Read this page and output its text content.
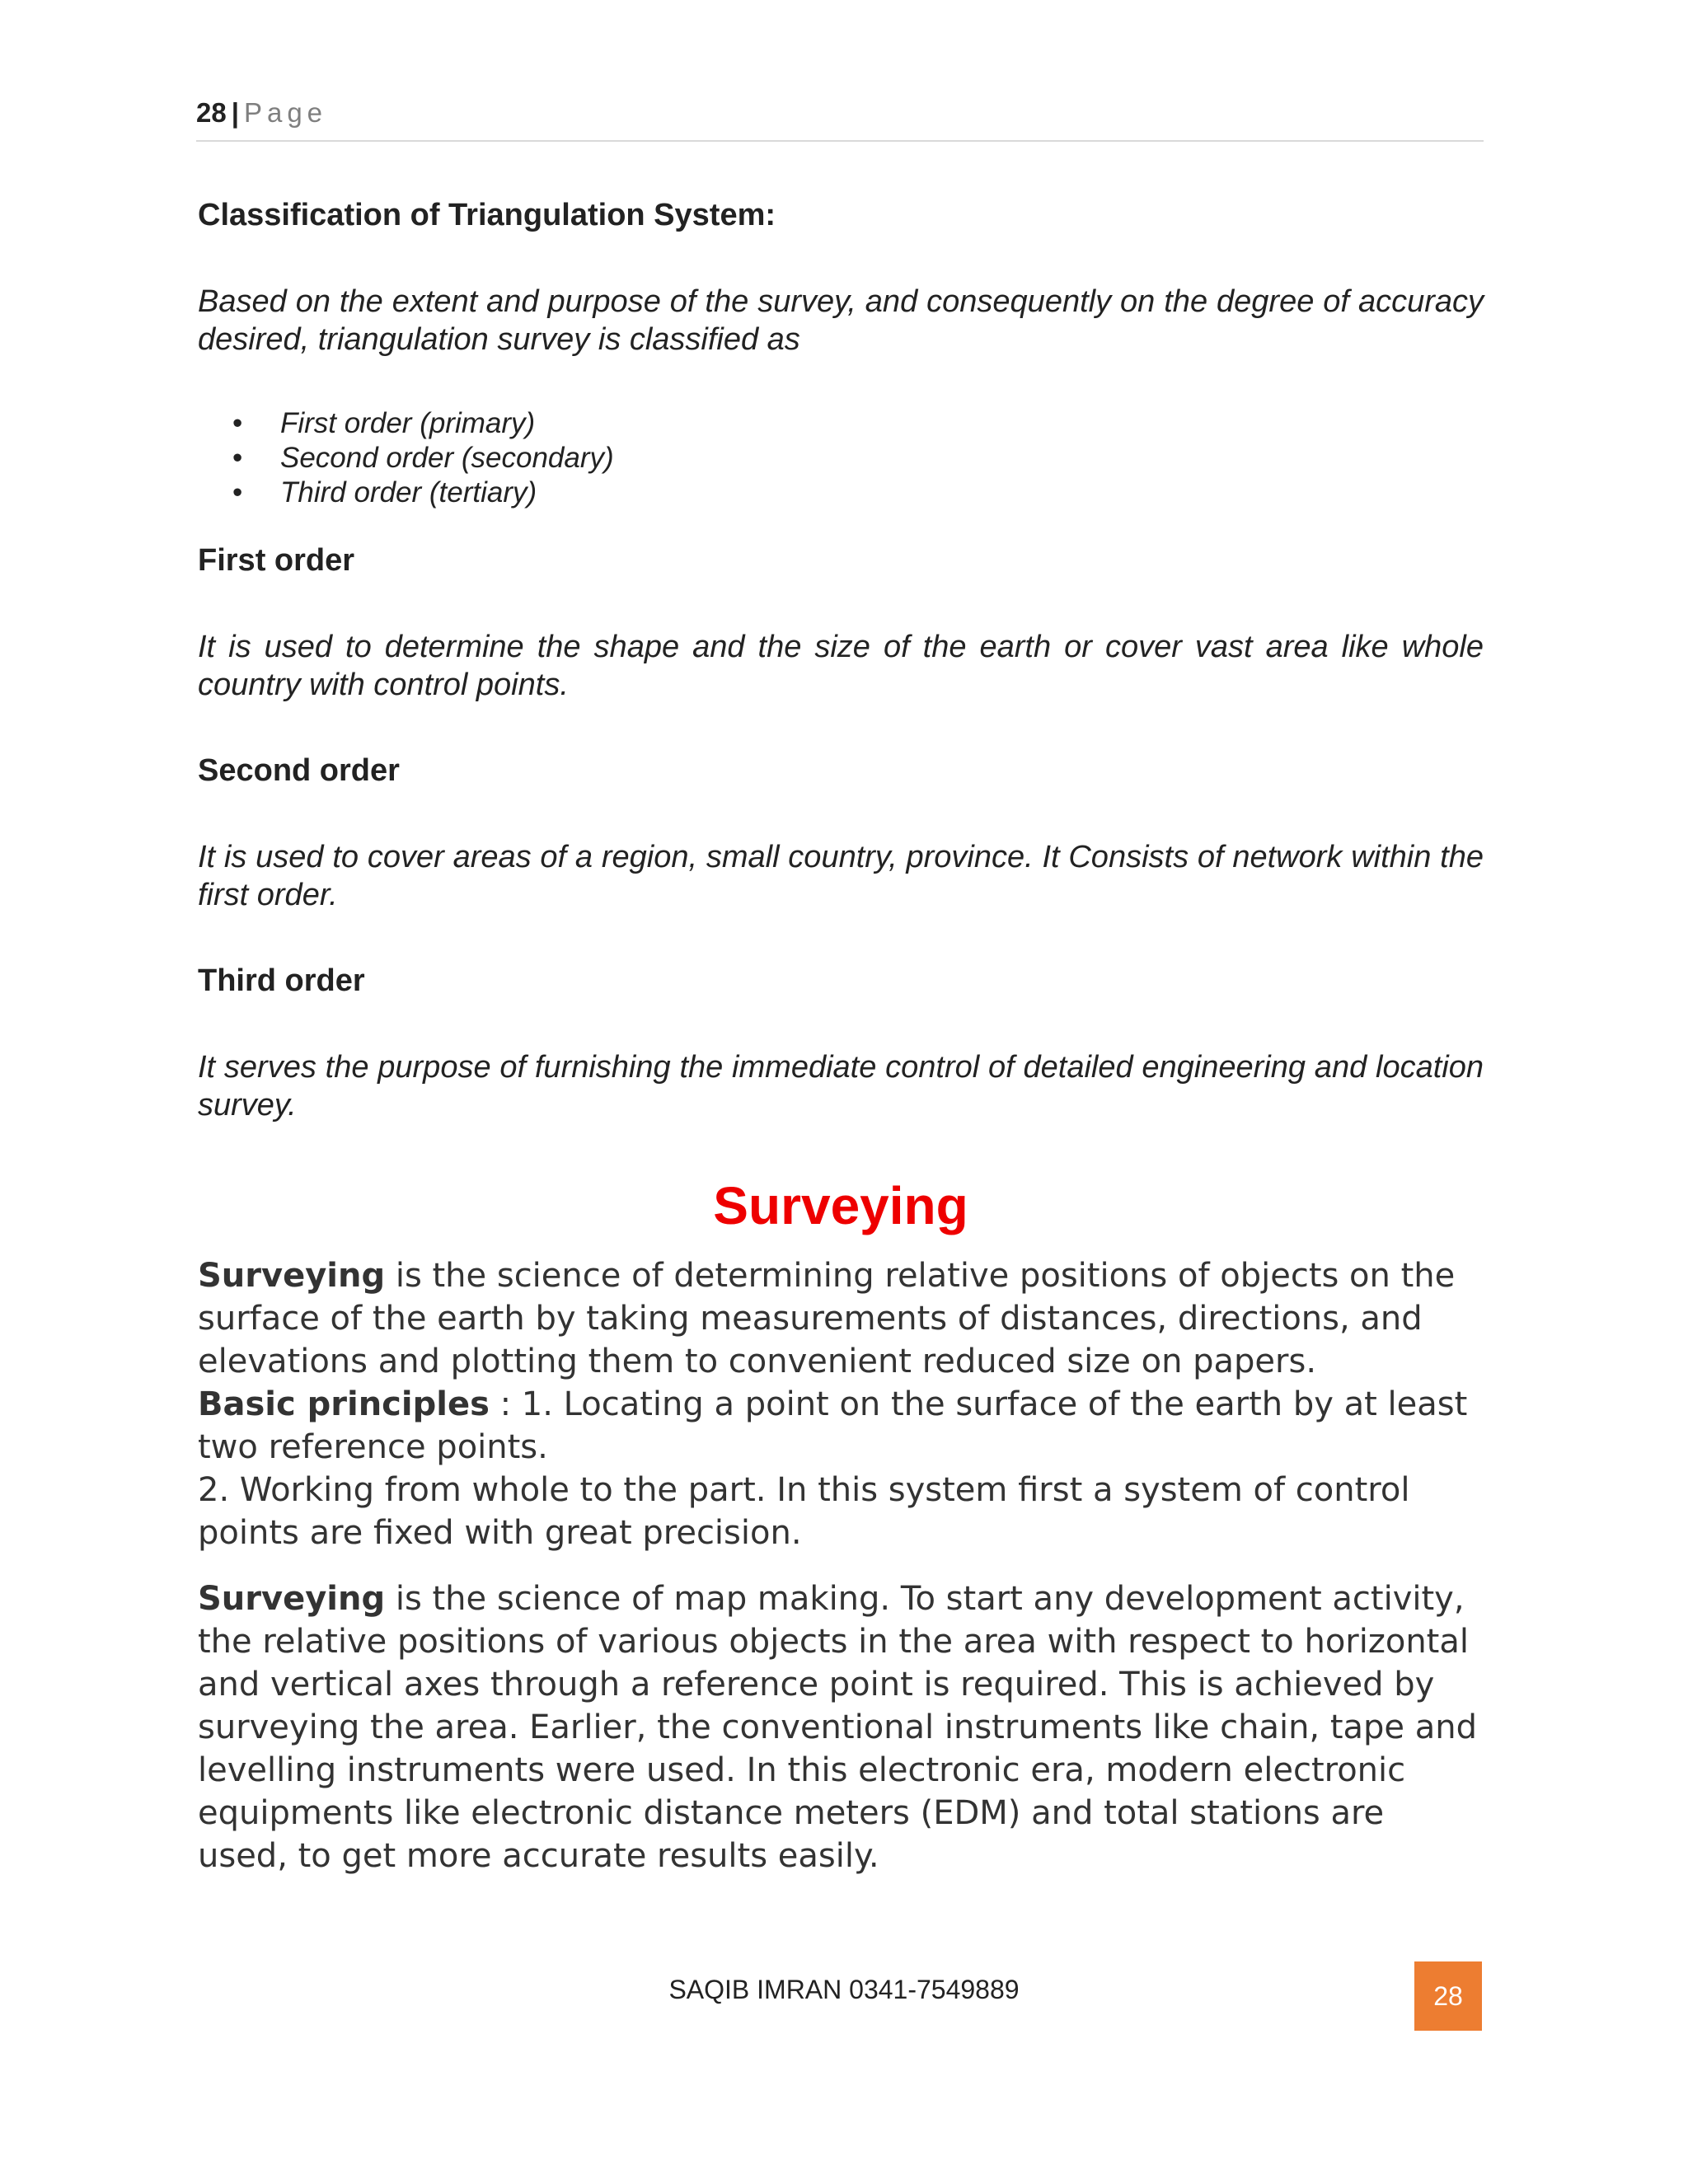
28 | Page
Classification of Triangulation System:

Based on the extent and purpose of the survey, and consequently on the degree of accuracy desired, triangulation survey is classified as

• First order (primary)
• Second order (secondary)
• Third order (tertiary)
First order

It is used to determine the shape and the size of the earth or cover vast area like whole country with control points.

Second order

It is used to cover areas of a region, small country, province. It Consists of network within the first order.

Third order

It serves the purpose of furnishing the immediate control of detailed engineering and location survey.

Surveying

Surveying is the science of determining relative positions of objects on the surface of the earth by taking measurements of distances, directions, and elevations and plotting them to convenient reduced size on papers.

Basic principles : 1. Locating a point on the surface of the earth by at least two reference points.

2. Working from whole to the part. In this system first a system of control points are fixed with great precision.

Surveying is the science of map making. To start any development activity, the relative positions of various objects in the area with respect to horizontal and vertical axes through a reference point is required. This is achieved by surveying the area. Earlier, the conventional instruments like chain, tape and levelling instruments were used. In this electronic era, modern electronic equipments like electronic distance meters (EDM) and total stations are used, to get more accurate results easily.

SAQIB IMRAN 0341-7549889	28
